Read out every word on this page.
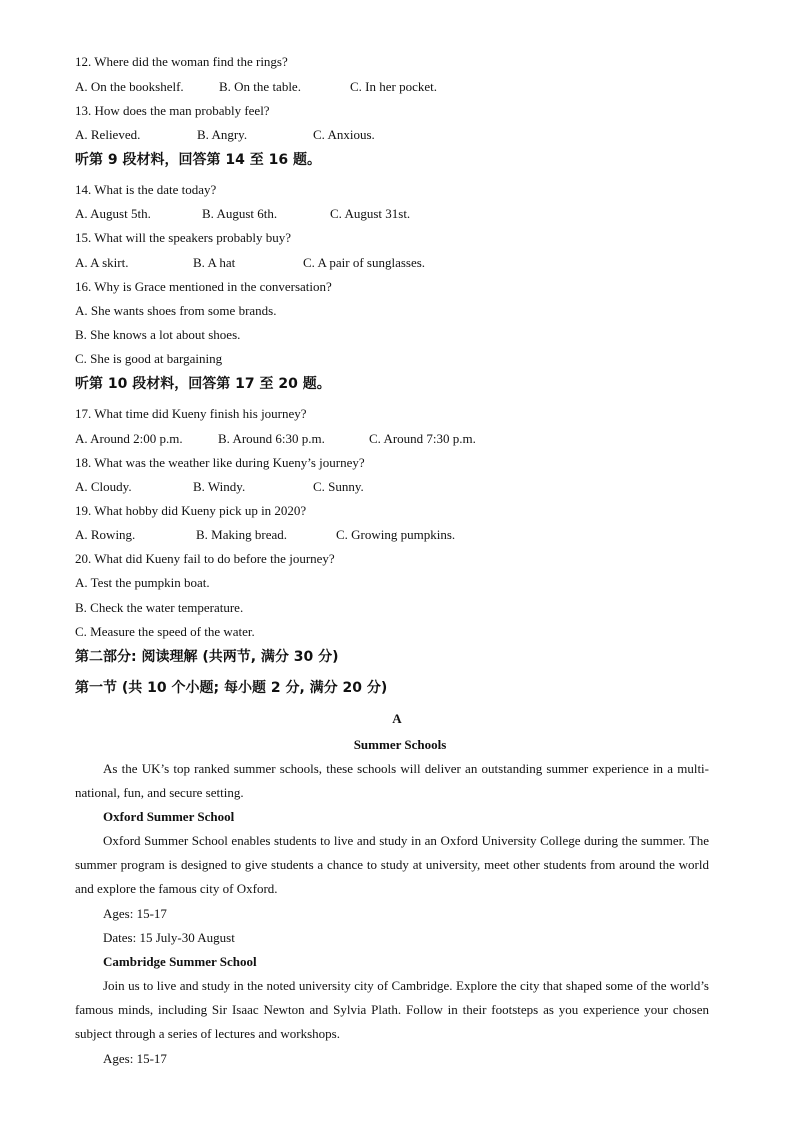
12. Where did the woman find the rings?
A. On the bookshelf.	B. On the table.	C. In her pocket.
13. How does the man probably feel?
A. Relieved.	B. Angry.	C. Anxious.
听第 9 段材料，回答第 14 至 16 题。
14. What is the date today?
A. August 5th.	B. August 6th.	C. August 31st.
15. What will the speakers probably buy?
A. A skirt.	B. A hat	C. A pair of sunglasses.
16. Why is Grace mentioned in the conversation?
A. She wants shoes from some brands.
B. She knows a lot about shoes.
C. She is good at bargaining
听第 10 段材料，回答第 17 至 20 题。
17. What time did Kueny finish his journey?
A. Around 2:00 p.m.	B. Around 6:30 p.m.	C. Around 7:30 p.m.
18. What was the weather like during Kueny’s journey?
A. Cloudy.	B. Windy.	C. Sunny.
19. What hobby did Kueny pick up in 2020?
A. Rowing.	B. Making bread.	C. Growing pumpkins.
20. What did Kueny fail to do before the journey?
A. Test the pumpkin boat.
B. Check the water temperature.
C. Measure the speed of the water.
第二部分: 阅读理解 (共两节, 满分 30 分)
第一节 (共 10 个小题; 每小题 2 分, 满分 20 分)
A
Summer Schools
As the UK’s top ranked summer schools, these schools will deliver an outstanding summer experience in a multi-national, fun, and secure setting.
Oxford Summer School
Oxford Summer School enables students to live and study in an Oxford University College during the summer. The summer program is designed to give students a chance to study at university, meet other students from around the world and explore the famous city of Oxford.
Ages: 15-17
Dates: 15 July-30 August
Cambridge Summer School
Join us to live and study in the noted university city of Cambridge. Explore the city that shaped some of the world’s famous minds, including Sir Isaac Newton and Sylvia Plath. Follow in their footsteps as you experience your chosen subject through a series of lectures and workshops.
Ages: 15-17
